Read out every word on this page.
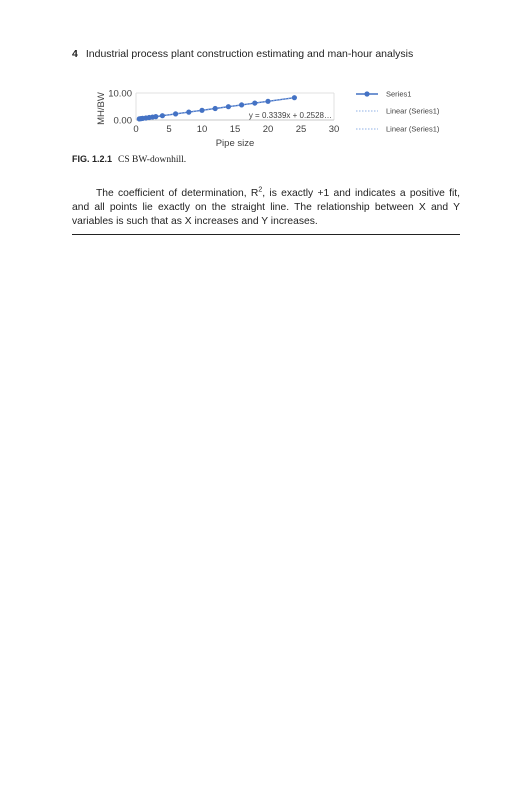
4 Industrial process plant construction estimating and man-hour analysis
0.00
10.00
0	5	10 15 20 25 30
Pipe size
MH/BW	y = 0.3339x + 0.2528…
Series1
Linear (Series1)
Linear (Series1)
FIG. 1.2.1 CS BW-downhill.

The coefficient of determination, $R^2$, is exactly +1 and indicates a positive fit, and all points lie exactly on the straight line. The relationship between X and Y variables is such that as X increases and Y increases.
